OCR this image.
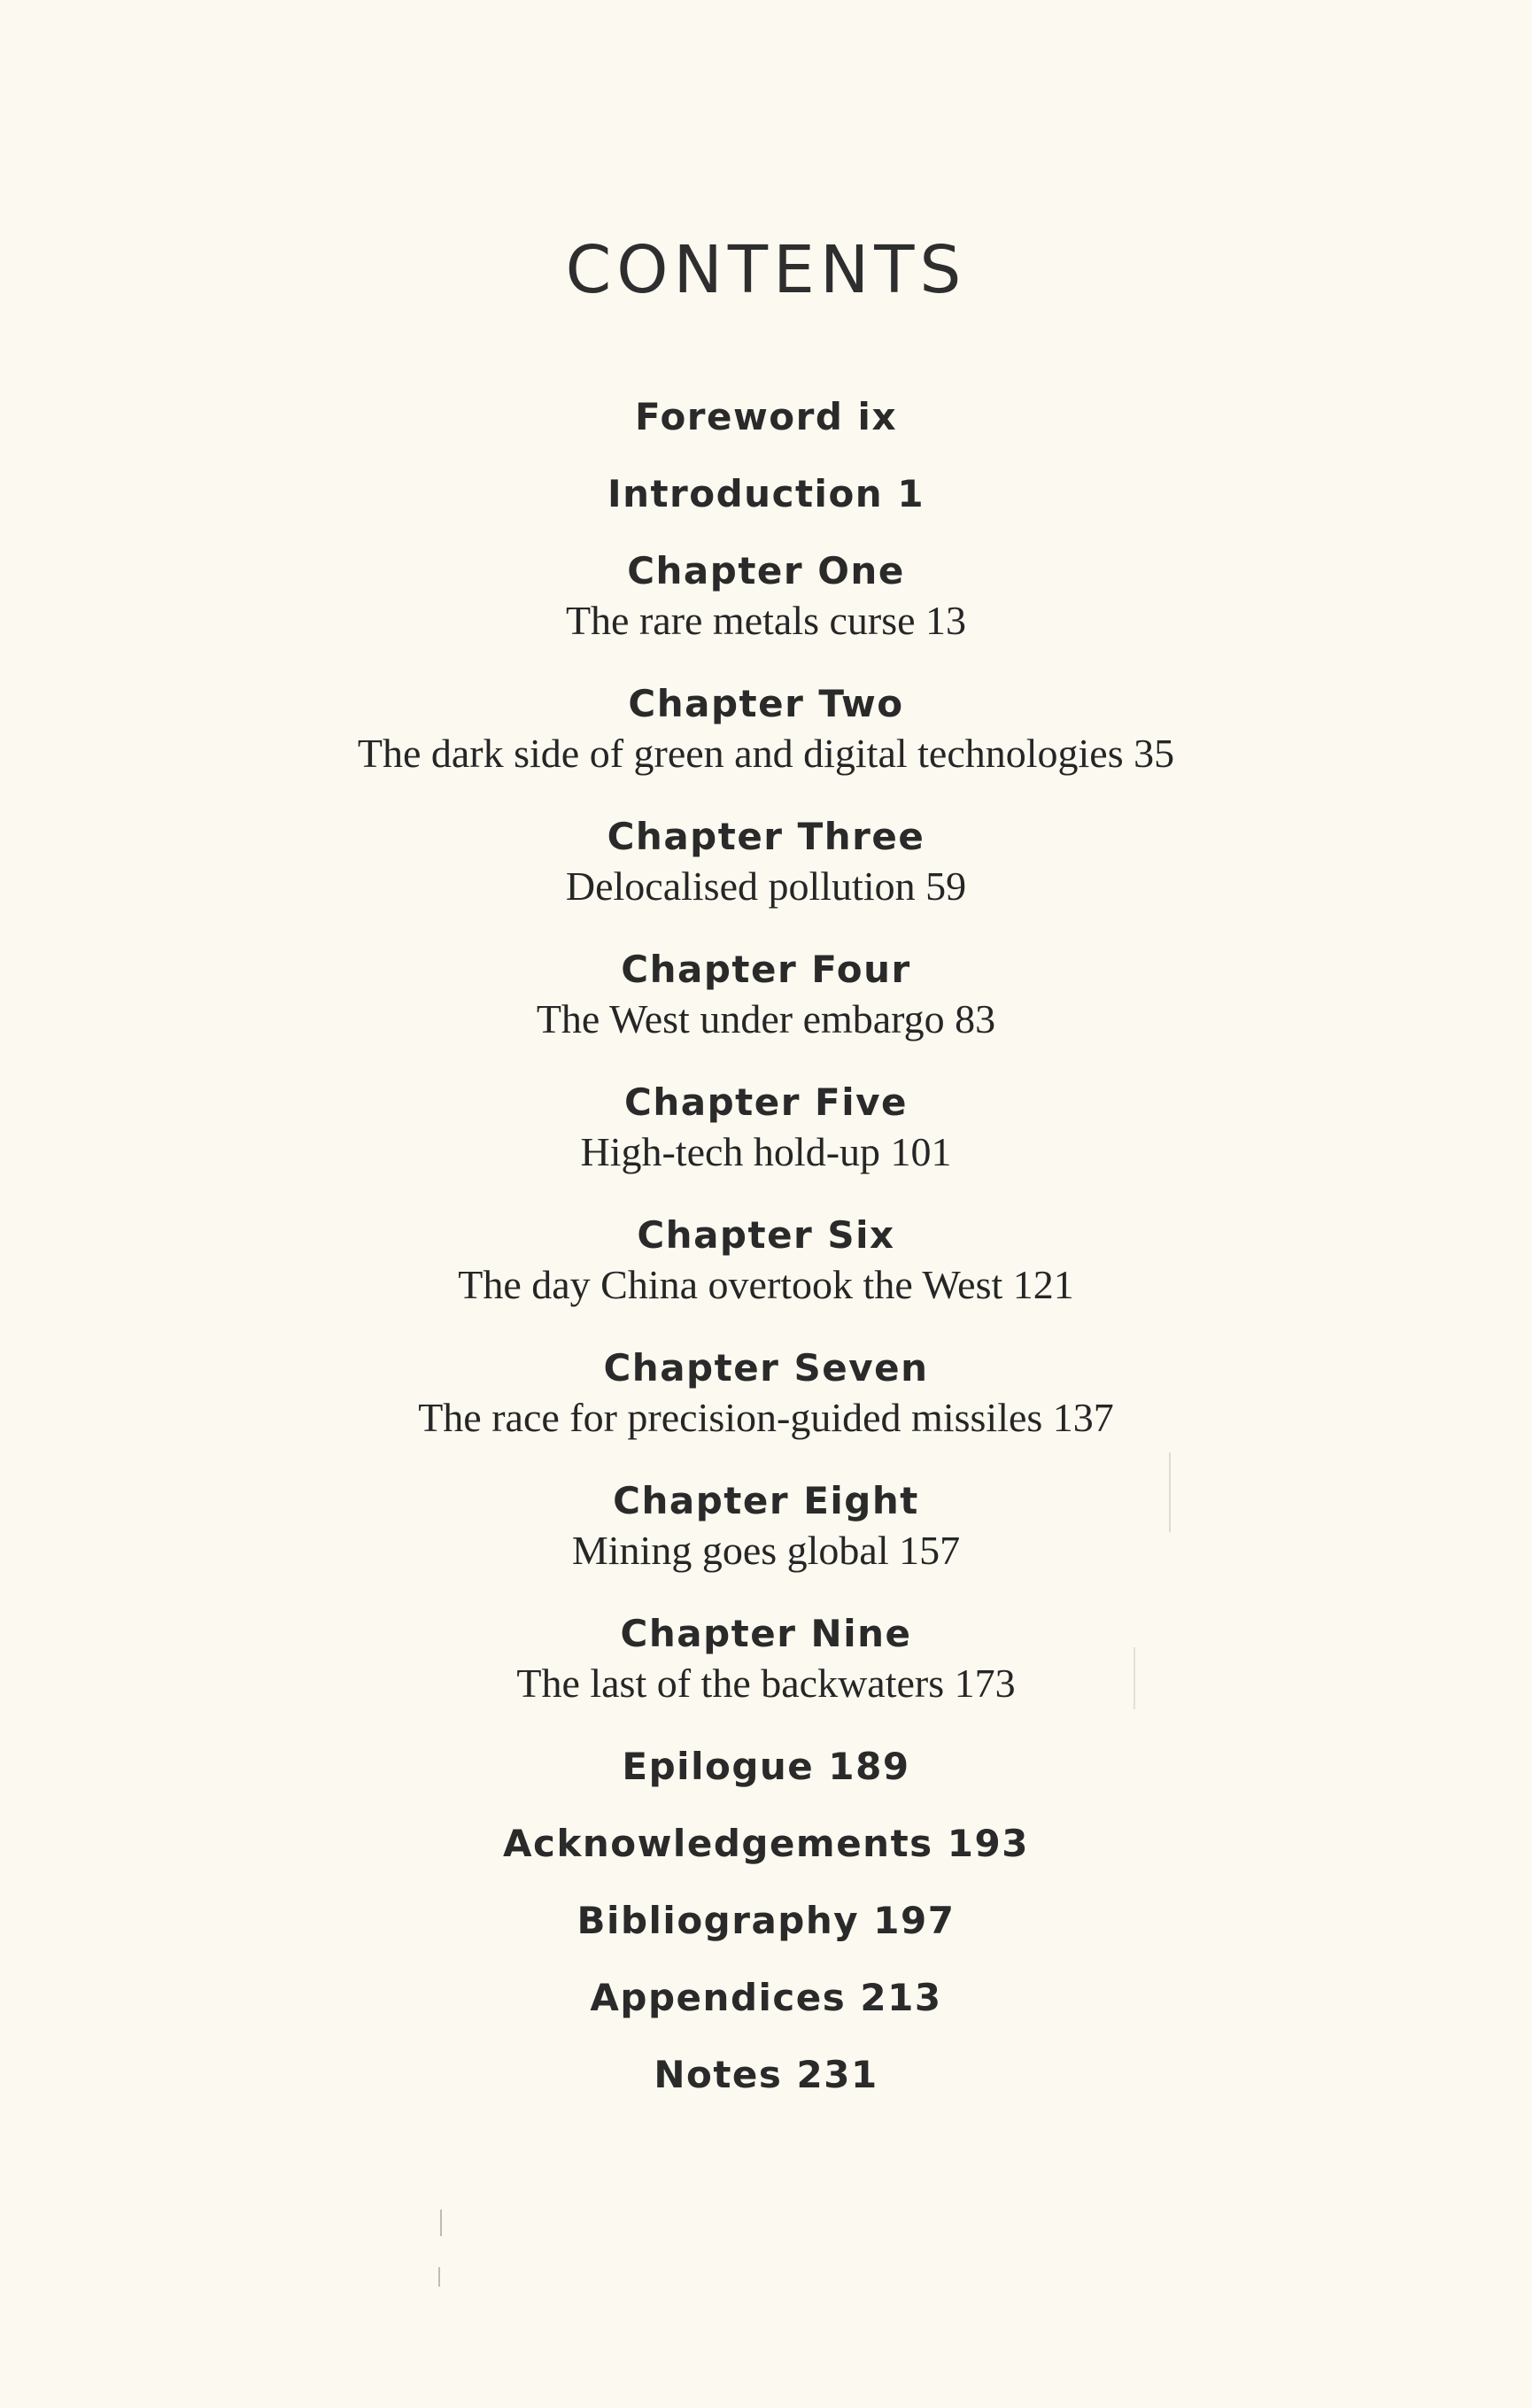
CONTENTS

Foreword ix

Introduction 1

Chapter One

The rare metals curse 13

Chapter Two

The dark side of green and digital technologies 35

Chapter Three

Delocalised pollution 59

Chapter Four

The West under embargo 83

Chapter Five

High-tech hold-up 101

Chapter Six

The day China overtook the West 121

Chapter Seven

The race for precision-guided missiles 137

Chapter Eight

Mining goes global 157

Chapter Nine

The last of the backwaters 173

Epilogue 189

Acknowledgements 193

Bibliography 197

Appendices 213

Notes 231
